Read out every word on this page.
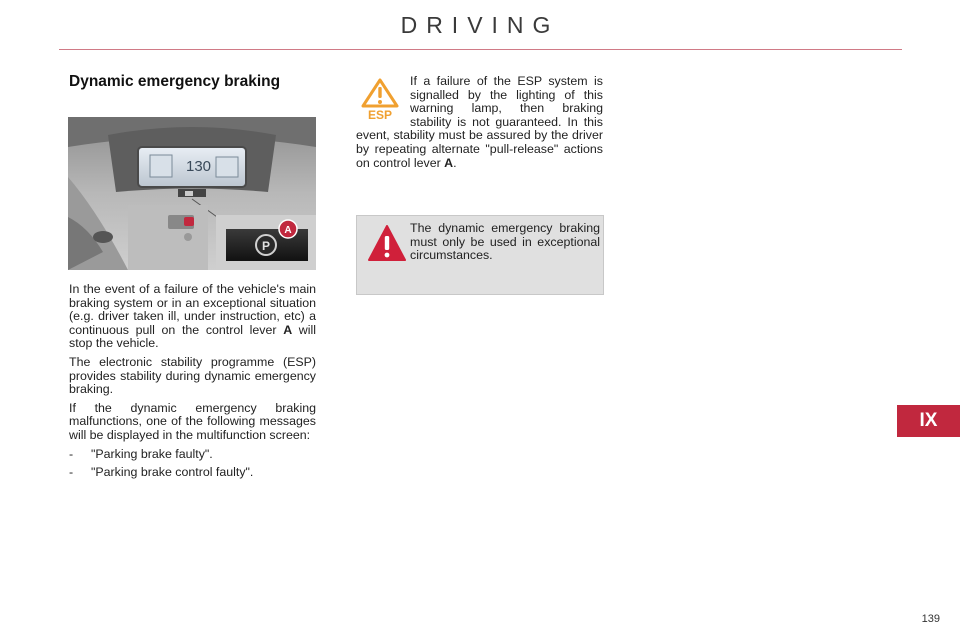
DRIVING
Dynamic emergency braking
130
P
A

In the event of a failure of the vehicle's main braking system or in an exceptional situation (e.g. driver taken ill, under instruction, etc) a continuous pull on the control lever A will stop the vehicle.

The electronic stability programme (ESP) provides stability during dynamic emergency braking.

If the dynamic emergency braking malfunctions, one of the following messages will be displayed in the multifunction screen:

-	"Parking brake faulty".
-	"Parking brake control faulty".
ESP
If a failure of the ESP system is signalled by the lighting of this warning lamp, then braking stability is not guaranteed. In this event, stability must be assured by the driver by repeating alternate "pull-release" actions on control lever A.
The dynamic emergency braking must only be used in exceptional circumstances.
IX
139
